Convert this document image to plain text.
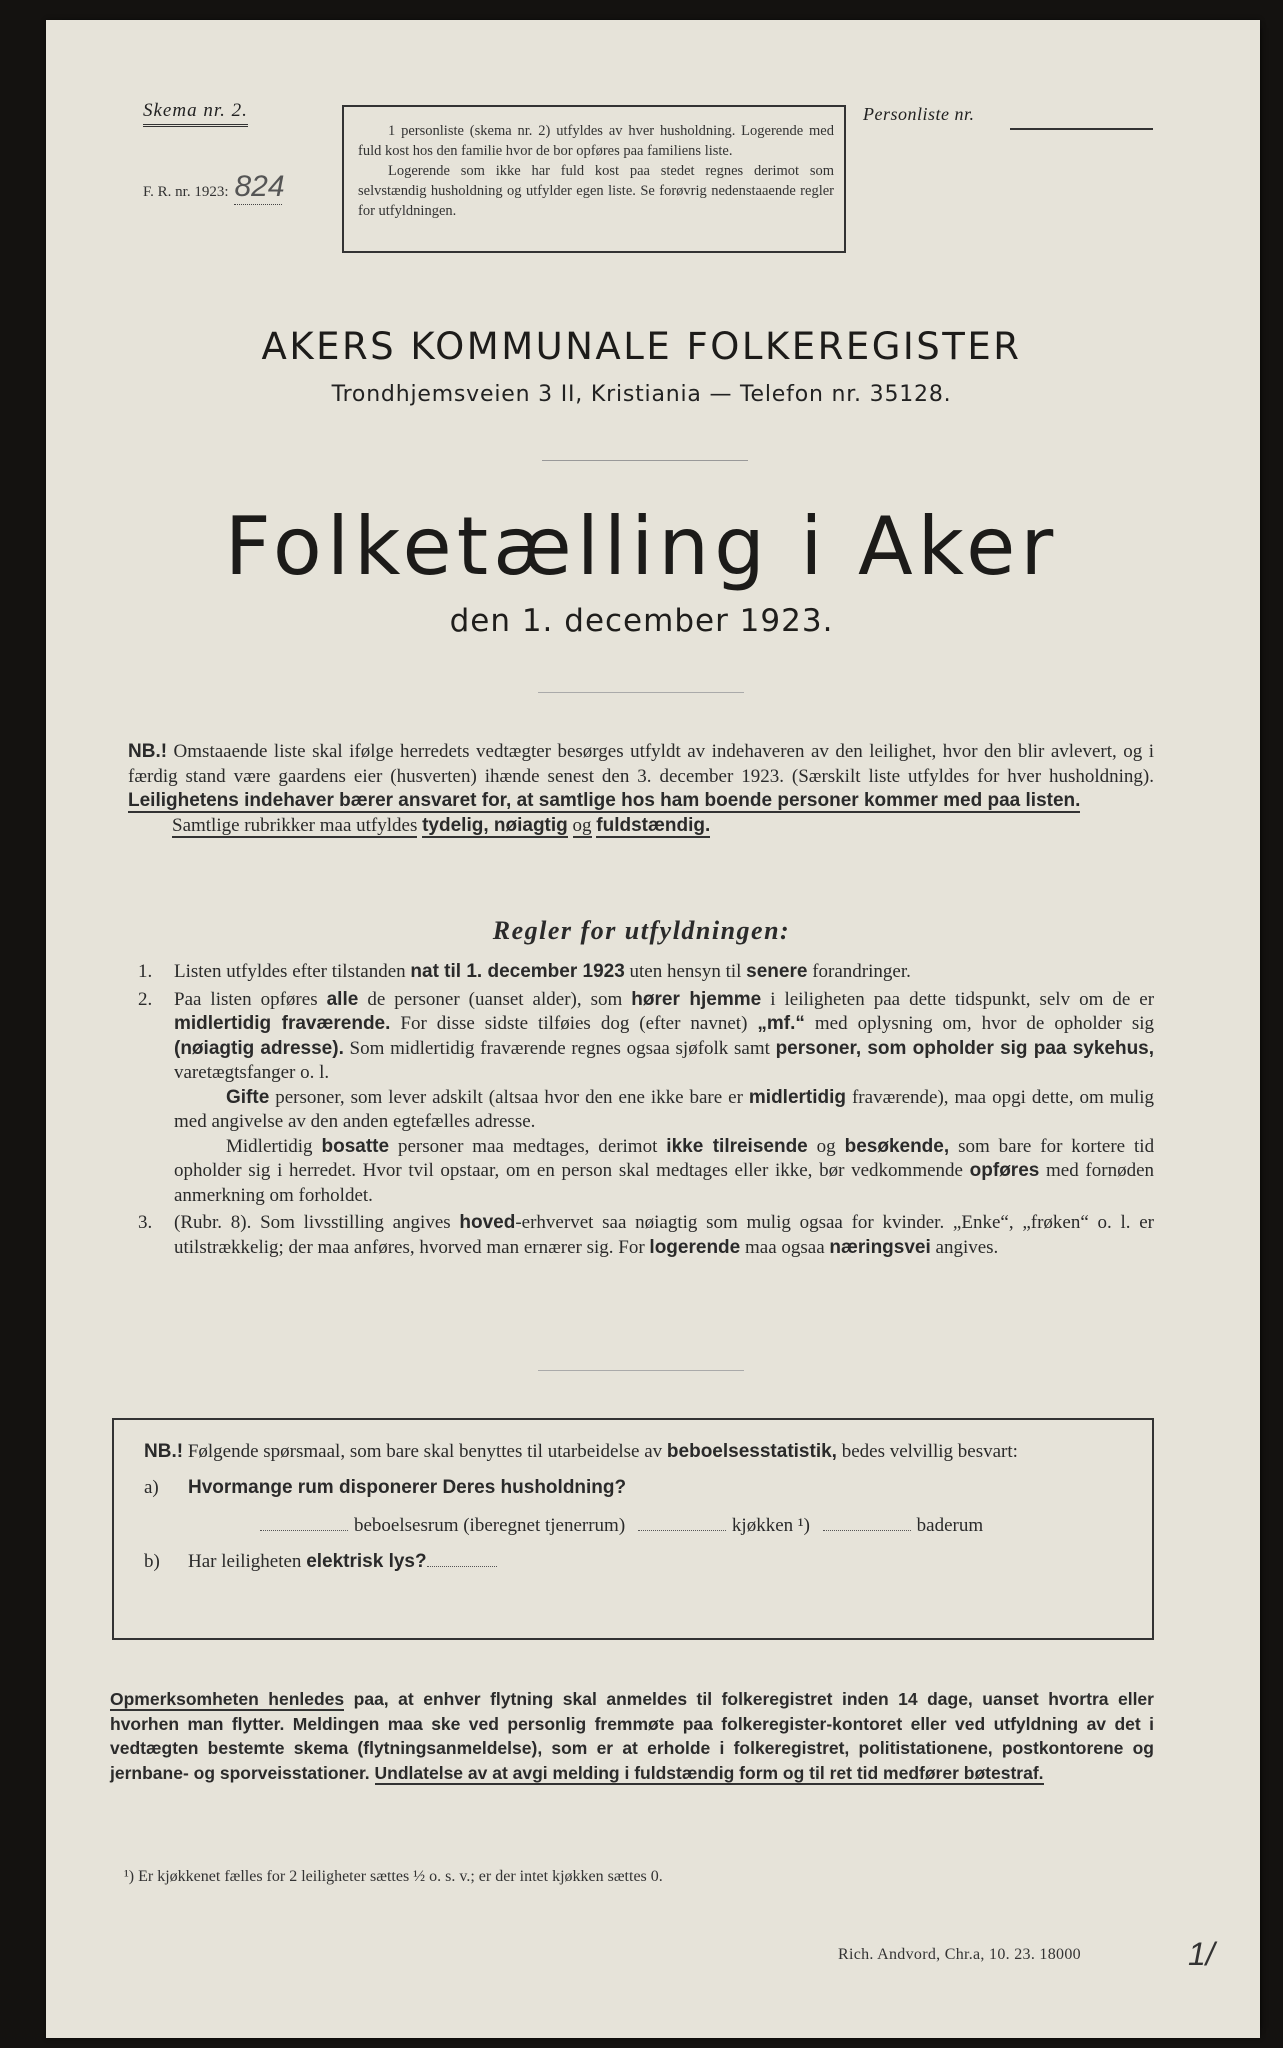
Skema nr. 2.
F. R. nr. 1923: 824

1 personliste (skema nr. 2) utfyldes av hver husholdning. Logerende med fuld kost hos den familie hvor de bor opføres paa familiens liste.

Logerende som ikke har fuld kost paa stedet regnes derimot som selvstændig husholdning og utfylder egen liste. Se forøvrig nedenstaaende regler for utfyldningen.

Personliste nr.
AKERS KOMMUNALE FOLKEREGISTER
Trondhjemsveien 3 II, Kristiania — Telefon nr. 35128.
Folketælling i Aker
den 1. december 1923.
NB.! Omstaaende liste skal ifølge herredets vedtægter besørges utfyldt av indehaveren av den leilighet, hvor den blir avlevert, og i færdig stand være gaardens eier (husverten) ihænde senest den 3. december 1923. (Særskilt liste utfyldes for hver husholdning). Leilighetens indehaver bærer ansvaret for, at samtlige hos ham boende personer kommer med paa listen.
Samtlige rubrikker maa utfyldes tydelig, nøiagtig og fuldstændig.
Regler for utfyldningen:
1. Listen utfyldes efter tilstanden nat til 1. december 1923 uten hensyn til senere forandringer.
2. Paa listen opføres alle de personer (uanset alder), som hører hjemme i leiligheten paa dette tidspunkt, selv om de er midlertidig fraværende. For disse sidste tilføies dog (efter navnet) „mf.“ med oplysning om, hvor de opholder sig (nøiagtig adresse). Som midlertidig fraværende regnes ogsaa sjøfolk samt personer, som opholder sig paa sykehus, varetægtsfanger o. l.
Gifte personer, som lever adskilt (altsaa hvor den ene ikke bare er midlertidig fraværende), maa opgi dette, om mulig med angivelse av den anden egtefælles adresse.
Midlertidig bosatte personer maa medtages, derimot ikke tilreisende og besøkende, som bare for kortere tid opholder sig i herredet. Hvor tvil opstaar, om en person skal medtages eller ikke, bør vedkommende opføres med fornøden anmerkning om forholdet.
3. (Rubr. 8). Som livsstilling angives hoved-erhvervet saa nøiagtig som mulig ogsaa for kvinder. „Enke“, „frøken“ o. l. er utilstrækkelig; der maa anføres, hvorved man ernærer sig. For logerende maa ogsaa næringsvei angives.
NB.! Følgende spørsmaal, som bare skal benyttes til utarbeidelse av beboelsesstatistik, bedes velvillig besvart:
a) Hvormange rum disponerer Deres husholdning?
beboelsesrum (iberegnet tjenerrum)	kjøkken ¹)	baderum
b) Har leiligheten elektrisk lys?
Opmerksomheten henledes paa, at enhver flytning skal anmeldes til folkeregistret inden 14 dage, uanset hvortra eller hvorhen man flytter. Meldingen maa ske ved personlig fremmøte paa folkeregister-kontoret eller ved utfyldning av det i vedtægten bestemte skema (flytningsanmeldelse), som er at erholde i folkeregistret, politistationene, postkontorene og jernbane- og sporveisstationer. Undlatelse av at avgi melding i fuldstændig form og til ret tid medfører bøtestraf.
¹) Er kjøkkenet fælles for 2 leiligheter sættes ½ o. s. v.; er der intet kjøkken sættes 0.
Rich. Andvord, Chr.a, 10. 23. 18000	1/
